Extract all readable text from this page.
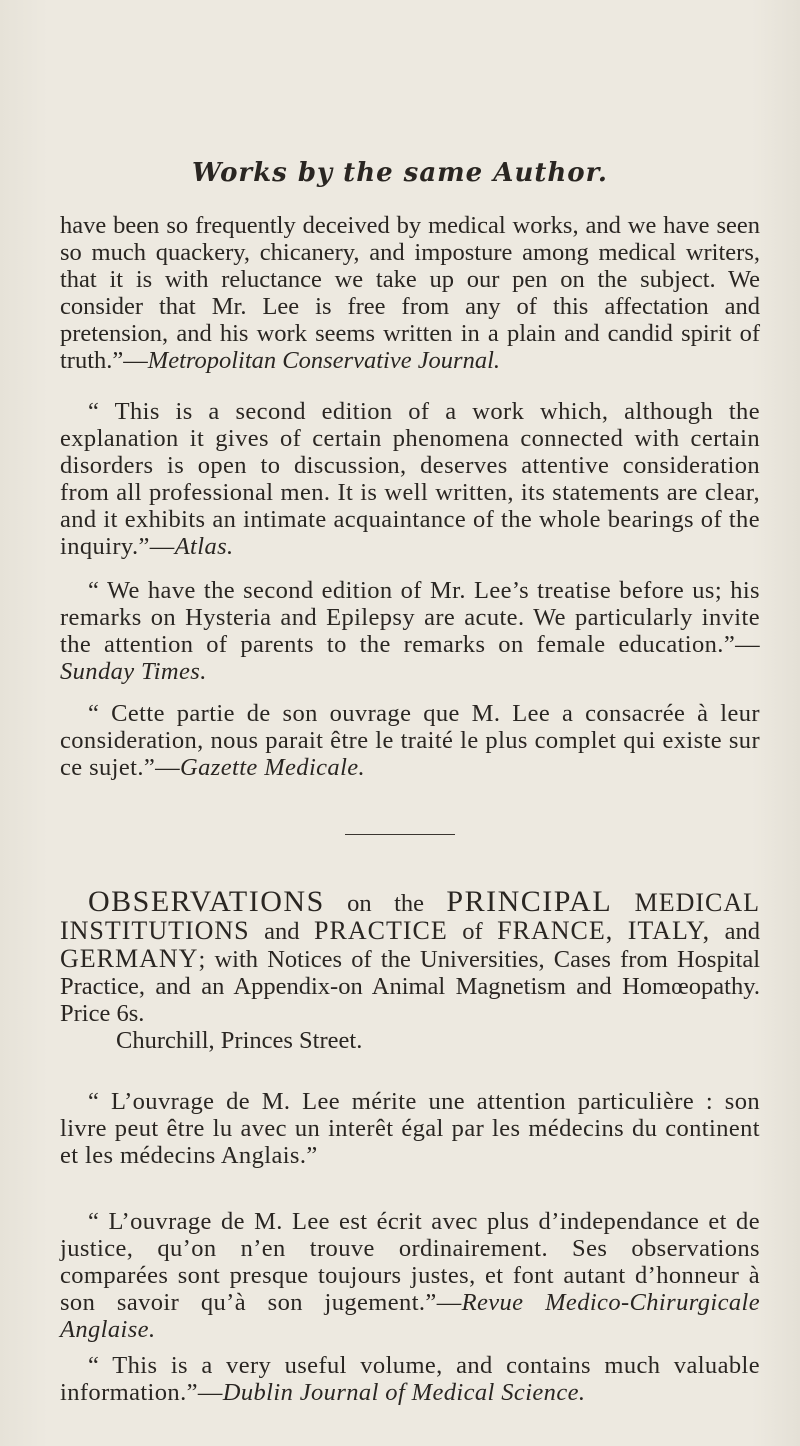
Works by the same Author.

have been so frequently deceived by medical works, and we have seen so much quackery, chicanery, and imposture among medical writers, that it is with reluctance we take up our pen on the subject. We consider that Mr. Lee is free from any of this affectation and pretension, and his work seems written in a plain and candid spirit of truth.”—Metropolitan Conservative Journal.

“ This is a second edition of a work which, although the explanation it gives of certain phenomena connected with certain disorders is open to discussion, deserves attentive consideration from all professional men. It is well written, its statements are clear, and it exhibits an intimate acquaintance of the whole bearings of the inquiry.”—Atlas.

“ We have the second edition of Mr. Lee’s treatise before us; his remarks on Hysteria and Epilepsy are acute. We particularly invite the attention of parents to the remarks on female education.”—Sunday Times.

“ Cette partie de son ouvrage que M. Lee a consacrée à leur consideration, nous parait être le traité le plus complet qui existe sur ce sujet.”—Gazette Medicale.

OBSERVATIONS on the PRINCIPAL MEDICAL INSTITUTIONS and PRACTICE of FRANCE, ITALY, and GERMANY; with Notices of the Universities, Cases from Hospital Practice, and an Appendix-on Animal Magnetism and Homœopathy. Price 6s.
Churchill, Princes Street.

“ L’ouvrage de M. Lee mérite une attention particulière : son livre peut être lu avec un interêt égal par les médecins du continent et les médecins Anglais.”

“ L’ouvrage de M. Lee est écrit avec plus d’independance et de justice, qu’on n’en trouve ordinairement. Ses observations comparées sont presque toujours justes, et font autant d’honneur à son savoir qu’à son jugement.”—Revue Medico-Chirurgicale Anglaise.

“ This is a very useful volume, and contains much valuable information.”—Dublin Journal of Medical Science.
